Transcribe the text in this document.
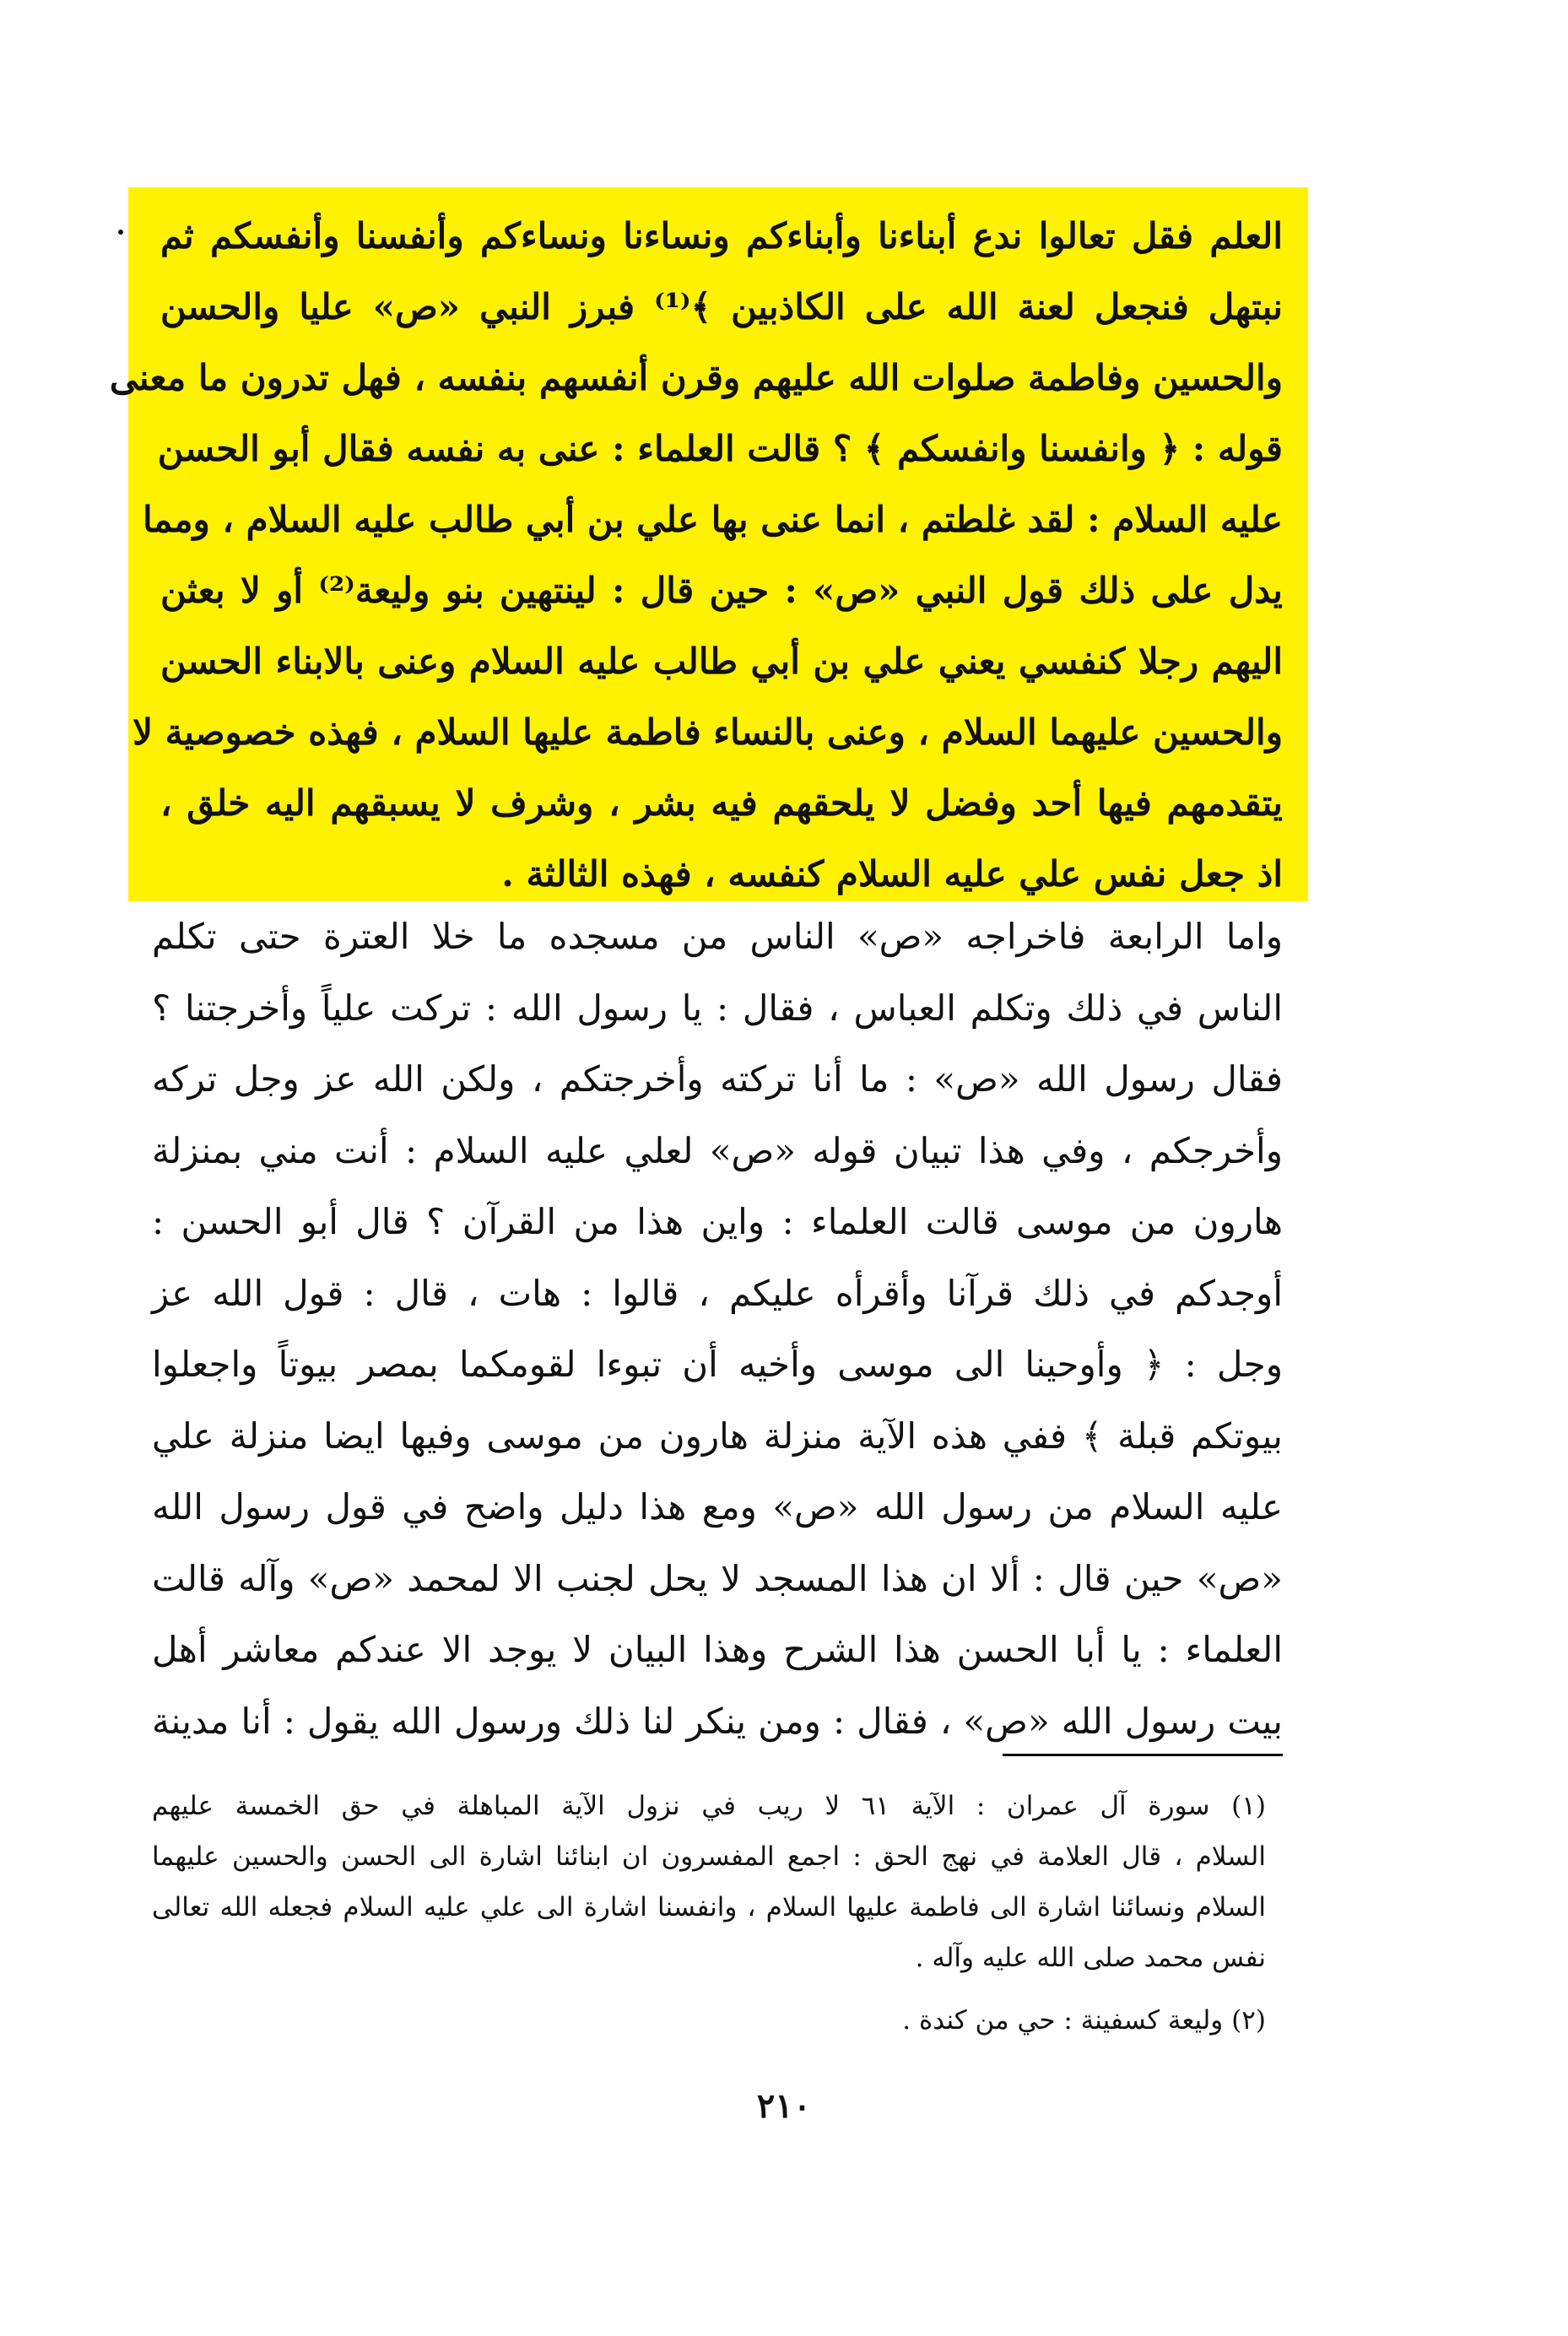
العلم فقل تعالوا ندع أبناءنا وأبناءكم ونساءنا ونساءكم وأنفسنا وأنفسكم ثم
نبتهل فنجعل لعنة الله على الكاذبين ﴾⁽¹⁾ فبرز النبي «ص» عليا والحسن
والحسين وفاطمة صلوات الله عليهم وقرن أنفسهم بنفسه ، فهل تدرون ما معنى
قوله : ﴿ وانفسنا وانفسكم ﴾ ؟ قالت العلماء : عنى به نفسه فقال أبو الحسن
عليه السلام : لقد غلطتم ، انما عنى بها علي بن أبي طالب عليه السلام ، ومما
يدل على ذلك قول النبي «ص» : حين قال : لينتهين بنو وليعة⁽²⁾ أو لا بعثن
اليهم رجلا كنفسي يعني علي بن أبي طالب عليه السلام وعنى بالابناء الحسن
والحسين عليهما السلام ، وعنى بالنساء فاطمة عليها السلام ، فهذه خصوصية لا
يتقدمهم فيها أحد وفضل لا يلحقهم فيه بشر ، وشرف لا يسبقهم اليه خلق ،
اذ جعل نفس علي عليه السلام كنفسه ، فهذه الثالثة .
واما الرابعة فاخراجه «ص» الناس من مسجده ما خلا العترة حتى تكلم
الناس في ذلك وتكلم العباس ، فقال : يا رسول الله : تركت علياً وأخرجتنا ؟
فقال رسول الله «ص» : ما أنا تركته وأخرجتكم ، ولكن الله عز وجل تركه
وأخرجكم ، وفي هذا تبيان قوله «ص» لعلي عليه السلام : أنت مني بمنزلة
هارون من موسى قالت العلماء : واين هذا من القرآن ؟ قال أبو الحسن :
أوجدكم في ذلك قرآنا وأقرأه عليكم ، قالوا : هات ، قال : قول الله عز
وجل : ﴿ وأوحينا الى موسى وأخيه أن تبوءا لقومكما بمصر بيوتاً واجعلوا
بيوتكم قبلة ﴾ ففي هذه الآية منزلة هارون من موسى وفيها ايضا منزلة علي
عليه السلام من رسول الله «ص» ومع هذا دليل واضح في قول رسول الله
«ص» حين قال : ألا ان هذا المسجد لا يحل لجنب الا لمحمد «ص» وآله قالت
العلماء : يا أبا الحسن هذا الشرح وهذا البيان لا يوجد الا عندكم معاشر أهل
بيت رسول الله «ص» ، فقال : ومن ينكر لنا ذلك ورسول الله يقول : أنا مدينة
(١) سورة آل عمران : الآية ٦١ لا ريب في نزول الآية المباهلة في حق الخمسة عليهم
السلام ، قال العلامة في نهج الحق : اجمع المفسرون ان ابنائنا اشارة الى الحسن والحسين عليهما
السلام ونسائنا اشارة الى فاطمة عليها السلام ، وانفسنا اشارة الى علي عليه السلام فجعله الله تعالى
نفس محمد صلى الله عليه وآله .
(٢) وليعة كسفينة : حي من كندة .
٢١٠
